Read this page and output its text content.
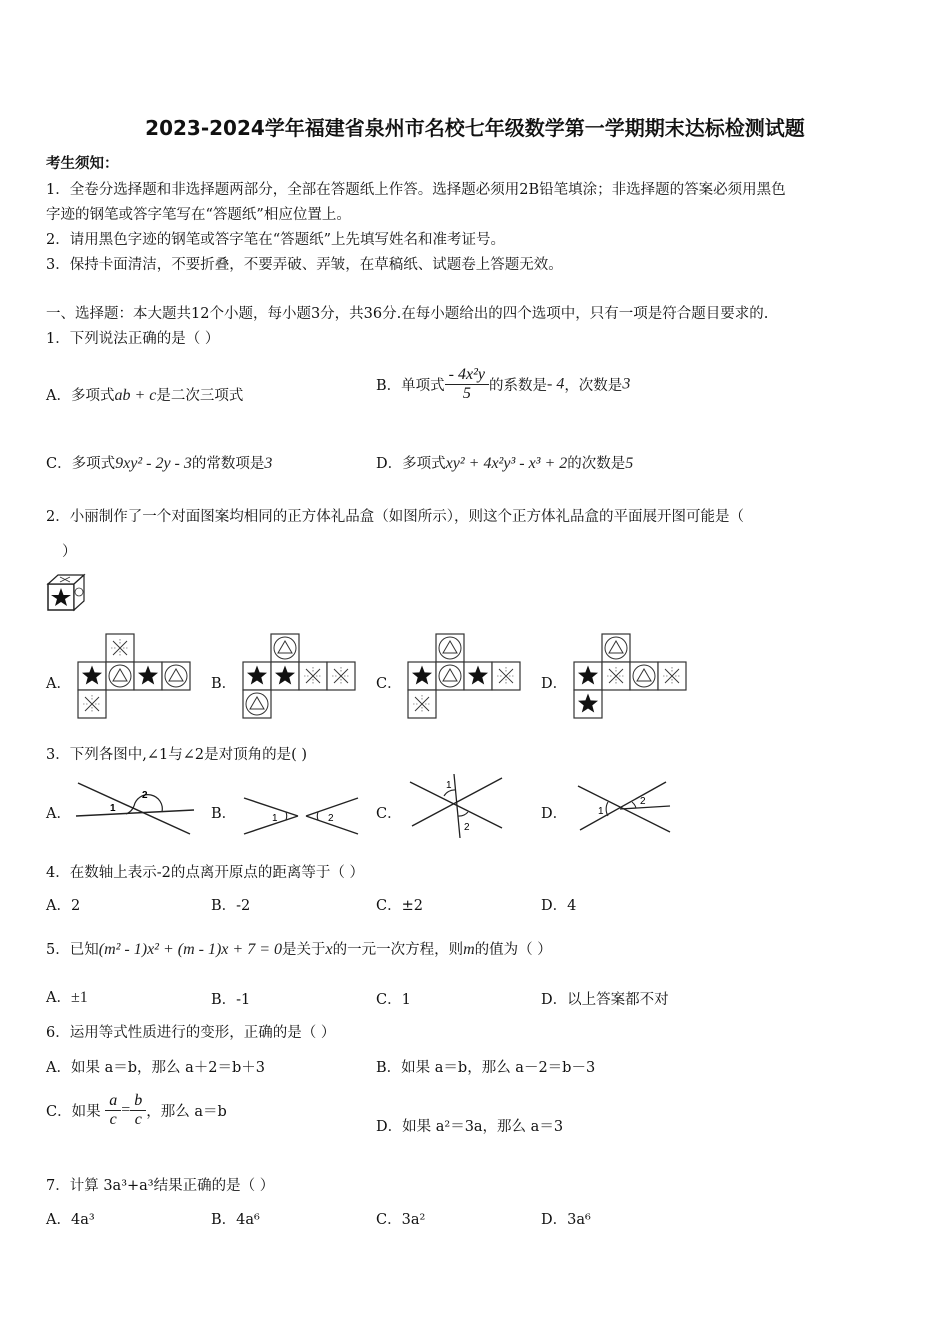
2023-2024学年福建省泉州市名校七年级数学第一学期期末达标检测试题
考生须知：
1．全卷分选择题和非选择题两部分，全部在答题纸上作答。选择题必须用2B铅笔填涂；非选择题的答案必须用黑色
字迹的钢笔或答字笔写在“答题纸”相应位置上。
2．请用黑色字迹的钢笔或答字笔在“答题纸”上先填写姓名和准考证号。
3．保持卡面清洁，不要折叠，不要弄破、弄皱，在草稿纸、试题卷上答题无效。
一、选择题：本大题共12个小题，每小题3分，共36分.在每小题给出的四个选项中，只有一项是符合题目要求的.
1．下列说法正确的是（ ）
A．多项式ab + c是二次三项式
B．单项式 $\frac{\text{- 4x²y}}{5}$ 的系数是- 4，次数是3
C．多项式9xy² - 2y - 3的常数项是3	D．多项式xy² + 4x²y³ - x³ + 2的次数是5
2．小丽制作了一个对面图案均相同的正方体礼品盒（如图所示），则这个正方体礼品盒的平面展开图可能是（
）
A．	B．	C．	D．
3．下列各图中,∠1与∠2是对顶角的是( )
A．	B．	C．	D．
1
2
1	2
1
2
1
2
4．在数轴上表示-2的点离开原点的距离等于（ ）
A．2	B．-2	C．±2	D．4
5．已知(m² - 1)x² + (m - 1)x + 7 = 0是关于x的一元一次方程，则m的值为（ ）
A．±1	B．-1	C．1	D．以上答案都不对
6．运用等式性质进行的变形，正确的是（ ）
A．如果 a＝b，那么 a＋2＝b＋3	B．如果 a＝b，那么 a－2＝b－3
C．如果 $\frac{a}{c} = \frac{b}{c}$ ，那么 a＝b
D．如果 a²＝3a，那么 a＝3
7．计算 3a³+a³结果正确的是（ ）
A．4a³	B．4a⁶	C．3a²	D．3a⁶
